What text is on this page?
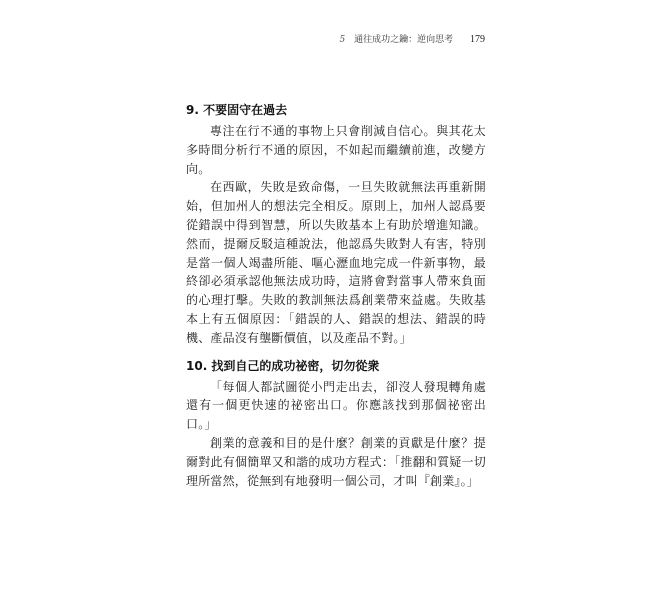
5 通往成功之鑰：逆向思考 179
9. 不要固守在過去

專注在行不通的事物上只會削減自信心。與其花太多時間分析行不通的原因，不如起而繼續前進，改變方向。

在西歐，失敗是致命傷，一旦失敗就無法再重新開始，但加州人的想法完全相反。原則上，加州人認爲要從錯誤中得到智慧，所以失敗基本上有助於增進知識。然而，提爾反駁這種說法，他認爲失敗對人有害，特別是當一個人竭盡所能、嘔心瀝血地完成一件新事物，最終卻必須承認他無法成功時，這將會對當事人帶來負面的心理打擊。失敗的教訓無法爲創業帶來益處。失敗基本上有五個原因：「錯誤的人、錯誤的想法、錯誤的時機、產品沒有壟斷價值，以及產品不對。」

10. 找到自己的成功祕密，切勿從衆

「每個人都試圖從小門走出去，卻沒人發現轉角處還有一個更快速的祕密出口。你應該找到那個祕密出口。」

創業的意義和目的是什麼？創業的貢獻是什麼？提爾對此有個簡單又和諧的成功方程式：「推翻和質疑一切理所當然，從無到有地發明一個公司，才叫『創業』。」
